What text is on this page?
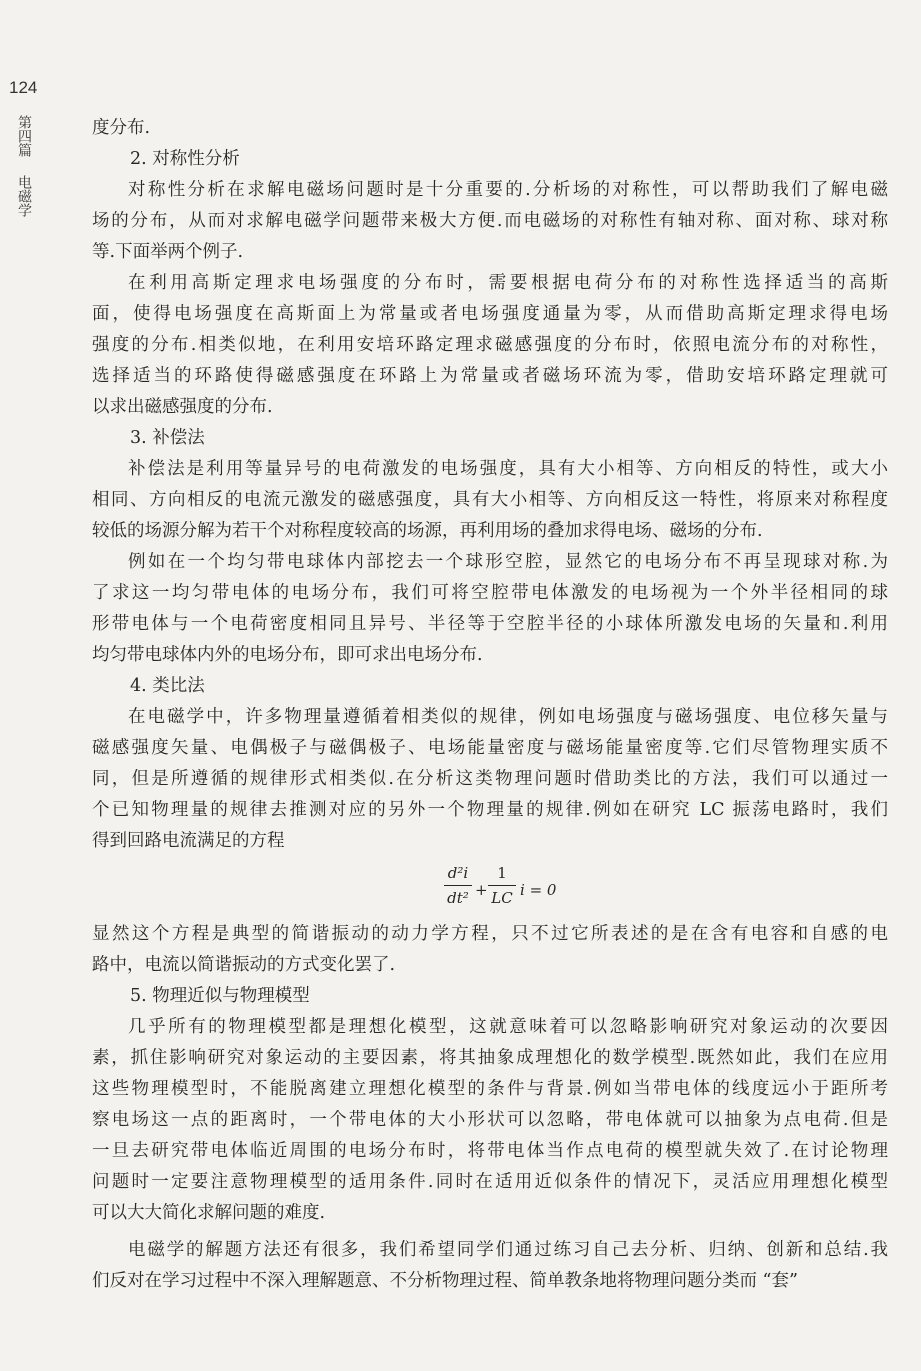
124
第四篇
电磁学
度分布.
2. 对称性分析
对称性分析在求解电磁场问题时是十分重要的.分析场的对称性，可以帮助我们了解电磁
场的分布，从而对求解电磁学问题带来极大方便.而电磁场的对称性有轴对称、面对称、球对称
等.下面举两个例子.
在利用高斯定理求电场强度的分布时，需要根据电荷分布的对称性选择适当的高斯
面，使得电场强度在高斯面上为常量或者电场强度通量为零，从而借助高斯定理求得电场
强度的分布.相类似地，在利用安培环路定理求磁感强度的分布时，依照电流分布的对称性，
选择适当的环路使得磁感强度在环路上为常量或者磁场环流为零，借助安培环路定理就可
以求出磁感强度的分布.
3. 补偿法
补偿法是利用等量异号的电荷激发的电场强度，具有大小相等、方向相反的特性，或大小
相同、方向相反的电流元激发的磁感强度，具有大小相等、方向相反这一特性，将原来对称程度
较低的场源分解为若干个对称程度较高的场源，再利用场的叠加求得电场、磁场的分布.
例如在一个均匀带电球体内部挖去一个球形空腔，显然它的电场分布不再呈现球对称.为
了求这一均匀带电体的电场分布，我们可将空腔带电体激发的电场视为一个外半径相同的球
形带电体与一个电荷密度相同且异号、半径等于空腔半径的小球体所激发电场的矢量和.利用
均匀带电球体内外的电场分布，即可求出电场分布.
4. 类比法
在电磁学中，许多物理量遵循着相类似的规律，例如电场强度与磁场强度、电位移矢量与
磁感强度矢量、电偶极子与磁偶极子、电场能量密度与磁场能量密度等.它们尽管物理实质不
同，但是所遵循的规律形式相类似.在分析这类物理问题时借助类比的方法，我们可以通过一
个已知物理量的规律去推测对应的另外一个物理量的规律.例如在研究 LC 振荡电路时，我们
得到回路电流满足的方程
d²i
dt² +
1
LC i = 0
显然这个方程是典型的简谐振动的动力学方程，只不过它所表述的是在含有电容和自感的电
路中，电流以简谐振动的方式变化罢了.
5. 物理近似与物理模型
几乎所有的物理模型都是理想化模型，这就意味着可以忽略影响研究对象运动的次要因
素，抓住影响研究对象运动的主要因素，将其抽象成理想化的数学模型.既然如此，我们在应用
这些物理模型时，不能脱离建立理想化模型的条件与背景.例如当带电体的线度远小于距所考
察电场这一点的距离时，一个带电体的大小形状可以忽略，带电体就可以抽象为点电荷.但是
一旦去研究带电体临近周围的电场分布时，将带电体当作点电荷的模型就失效了.在讨论物理
问题时一定要注意物理模型的适用条件.同时在适用近似条件的情况下，灵活应用理想化模型
可以大大简化求解问题的难度.
电磁学的解题方法还有很多，我们希望同学们通过练习自己去分析、归纳、创新和总结.我
们反对在学习过程中不深入理解题意、不分析物理过程、简单教条地将物理问题分类而 “套”
